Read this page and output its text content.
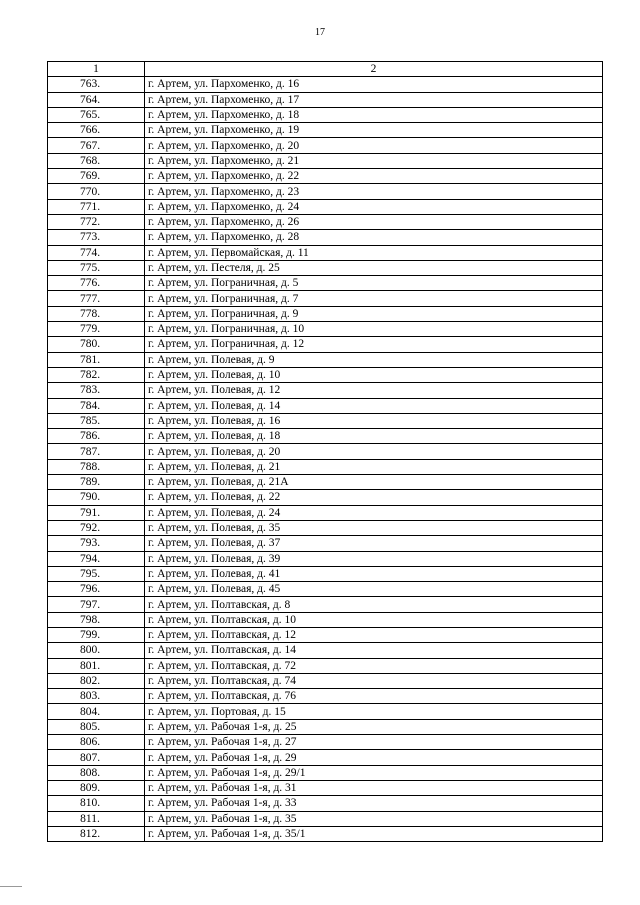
17
1	2
763.	г. Артем, ул. Пархоменко, д. 16
764.	г. Артем, ул. Пархоменко, д. 17
765.	г. Артем, ул. Пархоменко, д. 18
766.	г. Артем, ул. Пархоменко, д. 19
767.	г. Артем, ул. Пархоменко, д. 20
768.	г. Артем, ул. Пархоменко, д. 21
769.	г. Артем, ул. Пархоменко, д. 22
770.	г. Артем, ул. Пархоменко, д. 23
771.	г. Артем, ул. Пархоменко, д. 24
772.	г. Артем, ул. Пархоменко, д. 26
773.	г. Артем, ул. Пархоменко, д. 28
774.	г. Артем, ул. Первомайская, д. 11
775.	г. Артем, ул. Пестеля, д. 25
776.	г. Артем, ул. Пограничная, д. 5
777.	г. Артем, ул. Пограничная, д. 7
778.	г. Артем, ул. Пограничная, д. 9
779.	г. Артем, ул. Пограничная, д. 10
780.	г. Артем, ул. Пограничная, д. 12
781.	г. Артем, ул. Полевая, д. 9
782.	г. Артем, ул. Полевая, д. 10
783.	г. Артем, ул. Полевая, д. 12
784.	г. Артем, ул. Полевая, д. 14
785.	г. Артем, ул. Полевая, д. 16
786.	г. Артем, ул. Полевая, д. 18
787.	г. Артем, ул. Полевая, д. 20
788.	г. Артем, ул. Полевая, д. 21
789.	г. Артем, ул. Полевая, д. 21А
790.	г. Артем, ул. Полевая, д. 22
791.	г. Артем, ул. Полевая, д. 24
792.	г. Артем, ул. Полевая, д. 35
793.	г. Артем, ул. Полевая, д. 37
794.	г. Артем, ул. Полевая, д. 39
795.	г. Артем, ул. Полевая, д. 41
796.	г. Артем, ул. Полевая, д. 45
797.	г. Артем, ул. Полтавская, д. 8
798.	г. Артем, ул. Полтавская, д. 10
799.	г. Артем, ул. Полтавская, д. 12
800.	г. Артем, ул. Полтавская, д. 14
801.	г. Артем, ул. Полтавская, д. 72
802.	г. Артем, ул. Полтавская, д. 74
803.	г. Артем, ул. Полтавская, д. 76
804.	г. Артем, ул. Портовая, д. 15
805.	г. Артем, ул. Рабочая 1-я, д. 25
806.	г. Артем, ул. Рабочая 1-я, д. 27
807.	г. Артем, ул. Рабочая 1-я, д. 29
808.	г. Артем, ул. Рабочая 1-я, д. 29/1
809.	г. Артем, ул. Рабочая 1-я, д. 31
810.	г. Артем, ул. Рабочая 1-я, д. 33
811.	г. Артем, ул. Рабочая 1-я, д. 35
812.	г. Артем, ул. Рабочая 1-я, д. 35/1
